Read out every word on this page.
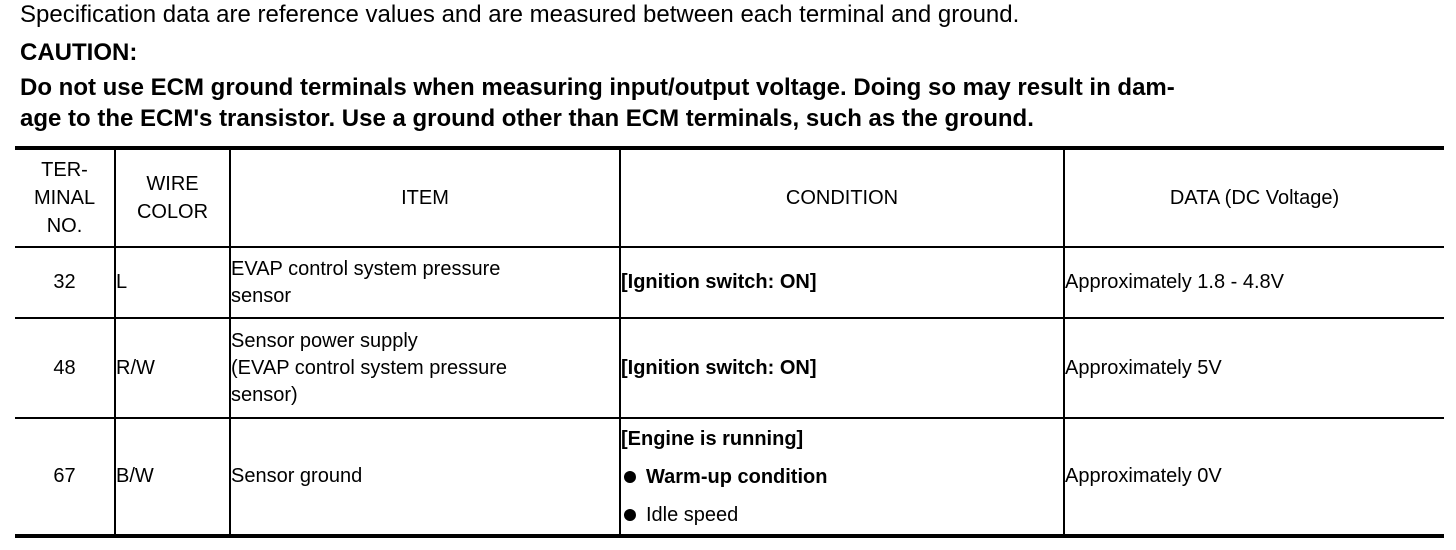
Specification data are reference values and are measured between each terminal and ground.
CAUTION:
Do not use ECM ground terminals when measuring input/output voltage. Doing so may result in dam-
age to the ECM's transistor. Use a ground other than ECM terminals, such as the ground.
TER-
MINAL
NO.	WIRE
COLOR	ITEM	CONDITION	DATA (DC Voltage)
32	L	EVAP control system pressure
sensor	[Ignition switch: ON]	Approximately 1.8 - 4.8V
48	R/W	Sensor power supply
(EVAP control system pressure
sensor)	[Ignition switch: ON]	Approximately 5V
67	B/W	Sensor ground	[Engine is running]
Warm-up condition
Idle speed	Approximately 0V
